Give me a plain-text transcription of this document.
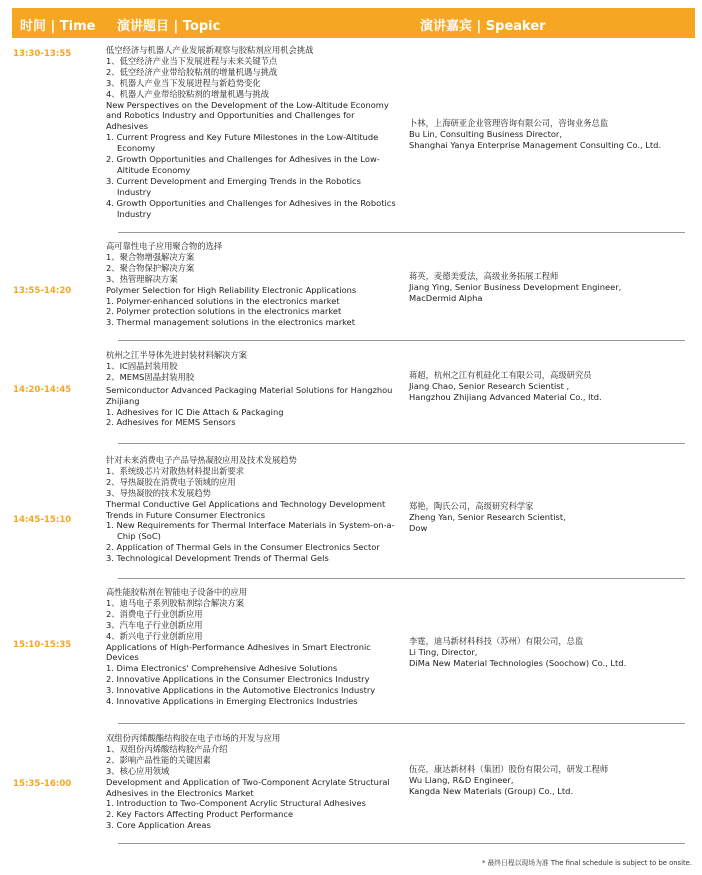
时间 | Time 演讲题目 | Topic	演讲嘉宾 | Speaker
13:30-13:55	低空经济与机器人产业发展新观察与胶粘剂应用机会挑战
1、低空经济产业当下发展进程与未来关键节点
2、低空经济产业带给胶粘剂的增量机遇与挑战
3、机器人产业当下发展进程与新趋势变化
4、机器人产业带给胶粘剂的增量机遇与挑战
New Perspectives on the Development of the Low-Altitude Economy and Robotics Industry and Opportunities and Challenges for Adhesives
1. Current Progress and Key Future Milestones in the Low-Altitude Economy
2. Growth Opportunities and Challenges for Adhesives in the Low-Altitude Economy
3. Current Development and Emerging Trends in the Robotics Industry
4. Growth Opportunities and Challenges for Adhesives in the Robotics Industry
卜林，上海研亚企业管理咨询有限公司，咨询业务总监
Bu Lin, Consulting Business Director,
Shanghai Yanya Enterprise Management Consulting Co., Ltd.
13:55-14:20
高可靠性电子应用聚合物的选择
1、聚合物增强解决方案
2、聚合物保护解决方案
3、热管理解决方案
Polymer Selection for High Reliability Electronic Applications
1. Polymer-enhanced solutions in the electronics market
2. Polymer protection solutions in the electronics market
3. Thermal management solutions in the electronics market
蒋英，麦德美爱法，高级业务拓展工程师
Jiang Ying, Senior Business Development Engineer,
MacDermid Alpha
14:20-14:45
杭州之江半导体先进封装材料解决方案
1、IC固晶封装用胶
2、MEMS固晶封装用胶
Semiconductor Advanced Packaging Material Solutions for Hangzhou Zhijiang
1. Adhesives for IC Die Attach & Packaging
2. Adhesives for MEMS Sensors
蒋超，杭州之江有机硅化工有限公司，高级研究员
Jiang Chao, Senior Research Scientist ,
Hangzhou Zhijiang Advanced Material Co., ltd.
14:45-15:10
针对未来消费电子产品导热凝胶应用及技术发展趋势
1、系统级芯片对散热材料提出新要求
2、导热凝胶在消费电子领域的应用
3、导热凝胶的技术发展趋势
Thermal Conductive Gel Applications and Technology Development Trends in Future Consumer Electronics
1. New Requirements for Thermal Interface Materials in System-on-a-Chip (SoC)
2. Application of Thermal Gels in the Consumer Electronics Sector
3. Technological Development Trends of Thermal Gels
郑艳，陶氏公司，高级研究科学家
Zheng Yan, Senior Research Scientist,
Dow
15:10-15:35
高性能胶粘剂在智能电子设备中的应用
1、迪马电子系列胶粘剂综合解决方案
2、消费电子行业创新应用
3、汽车电子行业创新应用
4、新兴电子行业创新应用
Applications of High-Performance Adhesives in Smart Electronic Devices
1. Dima Electronics' Comprehensive Adhesive Solutions
2. Innovative Applications in the Consumer Electronics Industry
3. Innovative Applications in the Automotive Electronics Industry
4. Innovative Applications in Emerging Electronics Industries
李霆，迪马新材料科技（苏州）有限公司，总监
Li Ting, Director,
DiMa New Material Technologies (Soochow) Co., Ltd.
15:35-16:00
双组份丙烯酸酯结构胶在电子市场的开发与应用
1、双组份丙烯酸结构胶产品介绍
2、影响产品性能的关键因素
3、核心应用领域
Development and Application of Two-Component Acrylate Structural Adhesives in the Electronics Market
1. Introduction to Two-Component Acrylic Structural Adhesives
2. Key Factors Affecting Product Performance
3. Core Application Areas
伍亮，康达新材料（集团）股份有限公司，研发工程师
Wu Liang, R&D Engineer,
Kangda New Materials (Group) Co., Ltd.
* 最终日程以现场为准 The final schedule is subject to be onsite.
